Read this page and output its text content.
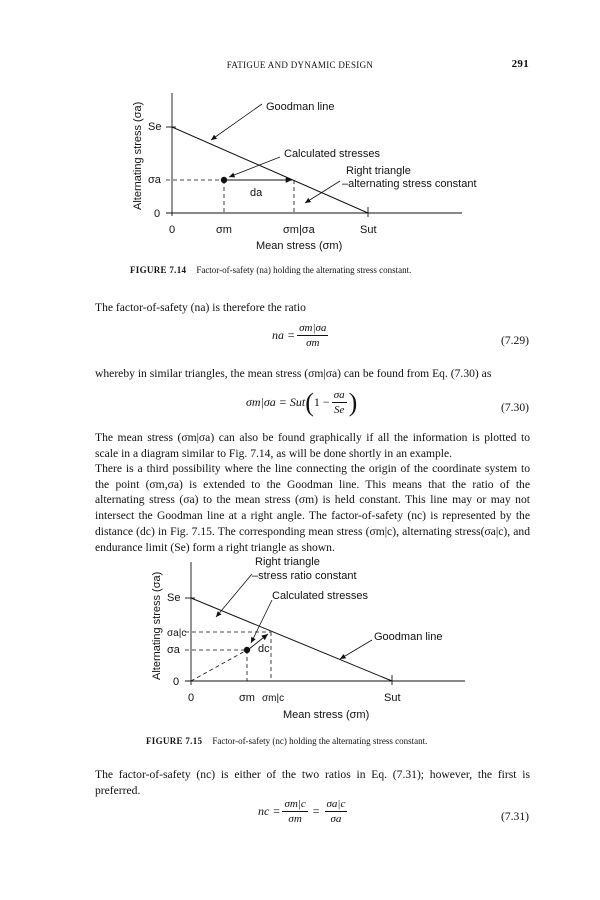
FATIGUE AND DYNAMIC DESIGN	291
Alternating stress (σa) Se
σa
0
0	σm	σm|σa	Sut
Mean stress (σm)
da
Goodman line
Calculated stresses
Right triangle
–alternating stress constant
FIGURE 7.14 Factor-of-safety (na) holding the alternating stress constant.
The factor-of-safety (na) is therefore the ratio
na = $\frac{\sigma m|\sigma a}{\sigma m}$	(7.29)
whereby in similar triangles, the mean stress (σm|σa) can be found from Eq. (7.30) as
σm|σa = Sut ( $1 - \frac{\sigma a}{Se}$ )	(7.30)
The mean stress (σm|σa) can also be found graphically if all the information is plotted to scale in a diagram similar to Fig. 7.14, as will be done shortly in an example.
There is a third possibility where the line connecting the origin of the coordinate system to the point (σm,σa) is extended to the Goodman line. This means that the ratio of the alternating stress (σa) to the mean stress (σm) is held constant. This line may or may not intersect the Goodman line at a right angle. The factor-of-safety (nc) is represented by the distance (dc) in Fig. 7.15. The corresponding mean stress (σm|c), alternating stress(σa|c), and endurance limit (Se) form a right triangle as shown.
Alternating stress (σa) Se
σa|c
σa
0
0	σm σm|c	Sut
Mean stress (σm)
dc
Right triangle
–stress ratio constant
Calculated stresses
Goodman line
FIGURE 7.15 Factor-of-safety (nc) holding the alternating stress constant.
The factor-of-safety (nc) is either of the two ratios in Eq. (7.31); however, the first is preferred.
nc = $\frac{\sigma m|c}{\sigma m} = \frac{\sigma a|c}{\sigma a}$	(7.31)
